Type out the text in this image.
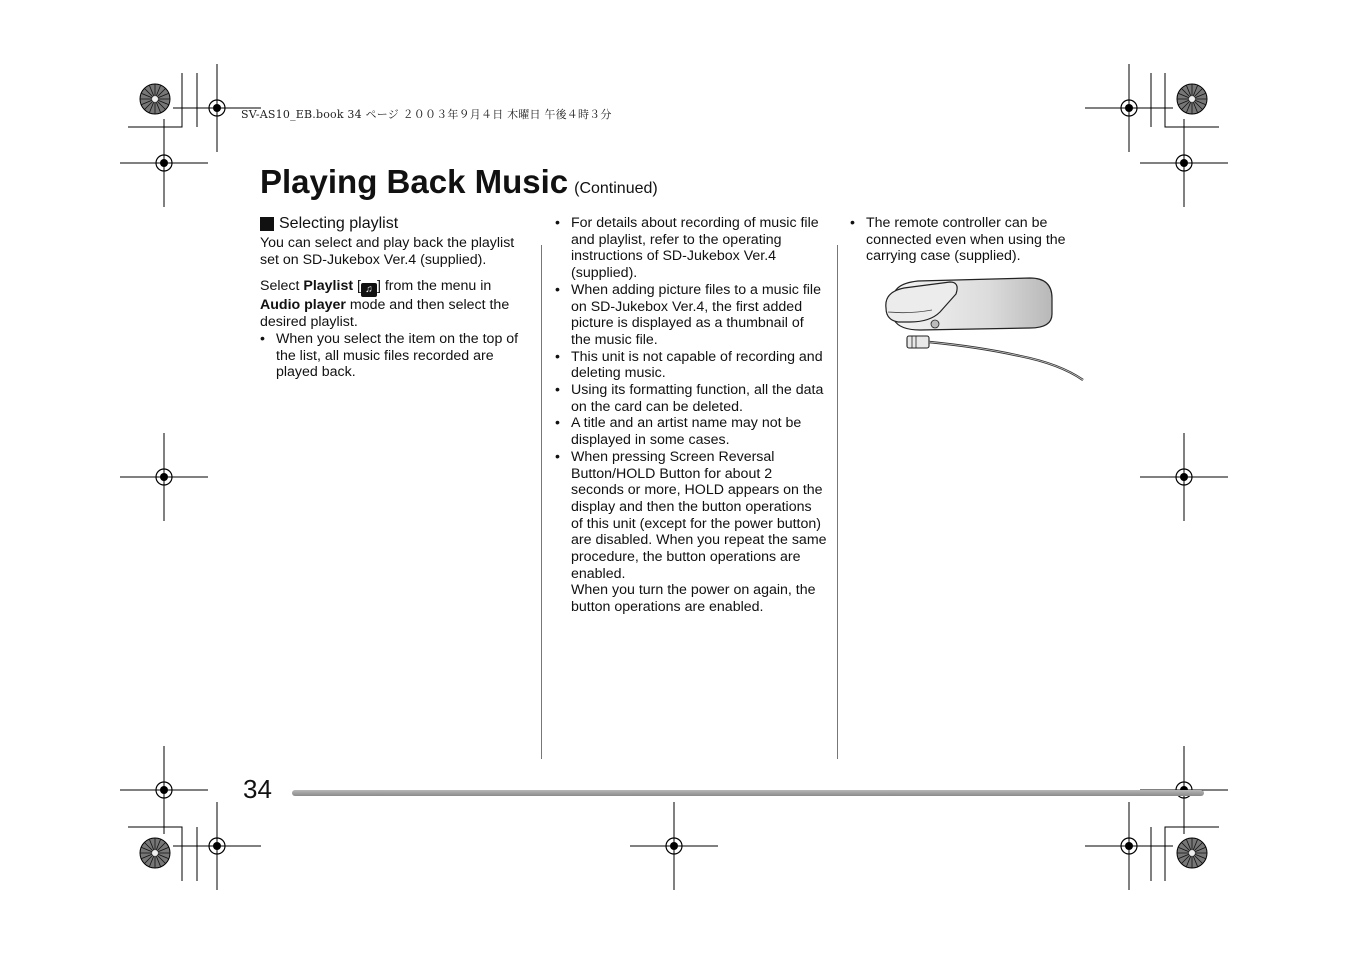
SV-AS10_EB.book 34 ページ ２００３年９月４日 木曜日 午後４時３分
Playing Back Music (Continued)
Selecting playlist

You can select and play back the playlist set on SD-Jukebox Ver.4 (supplied).

Select Playlist [ ♫ ] from the menu in Audio player mode and then select the desired playlist.

• When you select the item on the top of the list, all music files recorded are played back.
• For details about recording of music file and playlist, refer to the operating instructions of SD-Jukebox Ver.4 (supplied).
• When adding picture files to a music file on SD-Jukebox Ver.4, the first added picture is displayed as a thumbnail of the music file.
• This unit is not capable of recording and deleting music.
• Using its formatting function, all the data on the card can be deleted.
• A title and an artist name may not be displayed in some cases.
• When pressing Screen Reversal Button/HOLD Button for about 2 seconds or more, HOLD appears on the display and then the button operations of this unit (except for the power button) are disabled. When you repeat the same procedure, the button operations are enabled.

When you turn the power on again, the button operations are enabled.

• The remote controller can be connected even when using the carrying case (supplied).
34
